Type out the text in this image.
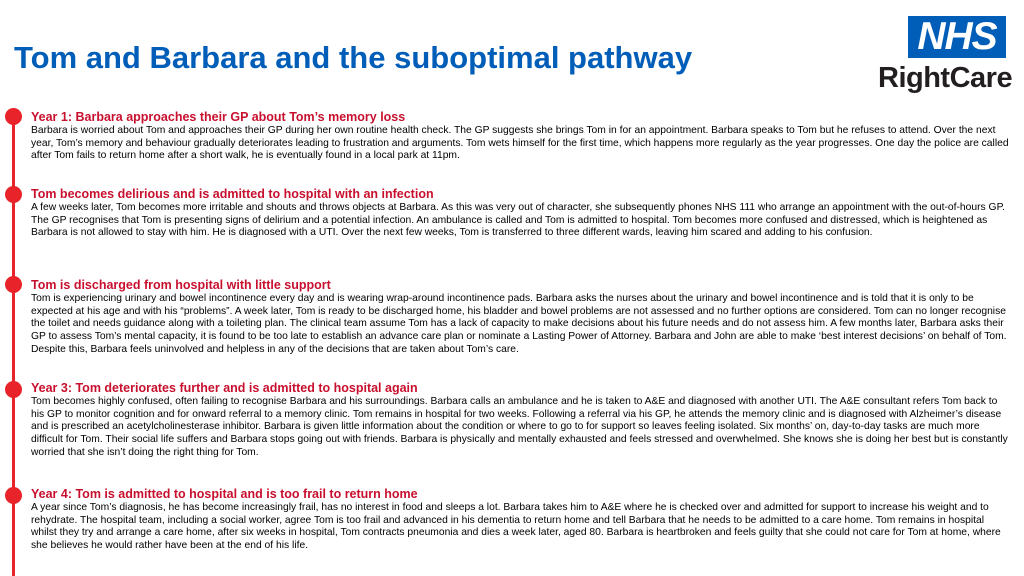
Tom and Barbara and the suboptimal pathway	NHS
RightCare
Year 1: Barbara approaches their GP about Tom’s memory loss

Barbara is worried about Tom and approaches their GP during her own routine health check. The GP suggests she brings Tom in for an appointment. Barbara speaks to Tom but he refuses to attend. Over the next year, Tom’s memory and behaviour gradually deteriorates leading to frustration and arguments. Tom wets himself for the first time, which happens more regularly as the year progresses. One day the police are called after Tom fails to return home after a short walk, he is eventually found in a local park at 11pm.

Tom becomes delirious and is admitted to hospital with an infection

A few weeks later, Tom becomes more irritable and shouts and throws objects at Barbara. As this was very out of character, she subsequently phones NHS 111 who arrange an appointment with the out-of-hours GP. The GP recognises that Tom is presenting signs of delirium and a potential infection. An ambulance is called and Tom is admitted to hospital. Tom becomes more confused and distressed, which is heightened as Barbara is not allowed to stay with him. He is diagnosed with a UTI. Over the next few weeks, Tom is transferred to three different wards, leaving him scared and adding to his confusion.

Tom is discharged from hospital with little support

Tom is experiencing urinary and bowel incontinence every day and is wearing wrap-around incontinence pads. Barbara asks the nurses about the urinary and bowel incontinence and is told that it is only to be expected at his age and with his “problems”. A week later, Tom is ready to be discharged home, his bladder and bowel problems are not assessed and no further options are considered. Tom can no longer recognise the toilet and needs guidance along with a toileting plan. The clinical team assume Tom has a lack of capacity to make decisions about his future needs and do not assess him. A few months later, Barbara asks their GP to assess Tom’s mental capacity, it is found to be too late to establish an advance care plan or nominate a Lasting Power of Attorney. Barbara and John are able to make ‘best interest decisions’ on behalf of Tom. Despite this, Barbara feels uninvolved and helpless in any of the decisions that are taken about Tom’s care.

Year 3: Tom deteriorates further and is admitted to hospital again

Tom becomes highly confused, often failing to recognise Barbara and his surroundings. Barbara calls an ambulance and he is taken to A&E and diagnosed with another UTI. The A&E consultant refers Tom back to his GP to monitor cognition and for onward referral to a memory clinic. Tom remains in hospital for two weeks. Following a referral via his GP, he attends the memory clinic and is diagnosed with Alzheimer’s disease and is prescribed an acetylcholinesterase inhibitor. Barbara is given little information about the condition or where to go to for support so leaves feeling isolated. Six months’ on, day-to-day tasks are much more difficult for Tom. Their social life suffers and Barbara stops going out with friends. Barbara is physically and mentally exhausted and feels stressed and overwhelmed. She knows she is doing her best but is constantly worried that she isn’t doing the right thing for Tom.

Year 4: Tom is admitted to hospital and is too frail to return home

A year since Tom’s diagnosis, he has become increasingly frail, has no interest in food and sleeps a lot. Barbara takes him to A&E where he is checked over and admitted for support to increase his weight and to rehydrate. The hospital team, including a social worker, agree Tom is too frail and advanced in his dementia to return home and tell Barbara that he needs to be admitted to a care home. Tom remains in hospital whilst they try and arrange a care home, after six weeks in hospital, Tom contracts pneumonia and dies a week later, aged 80. Barbara is heartbroken and feels guilty that she could not care for Tom at home, where she believes he would rather have been at the end of his life.
